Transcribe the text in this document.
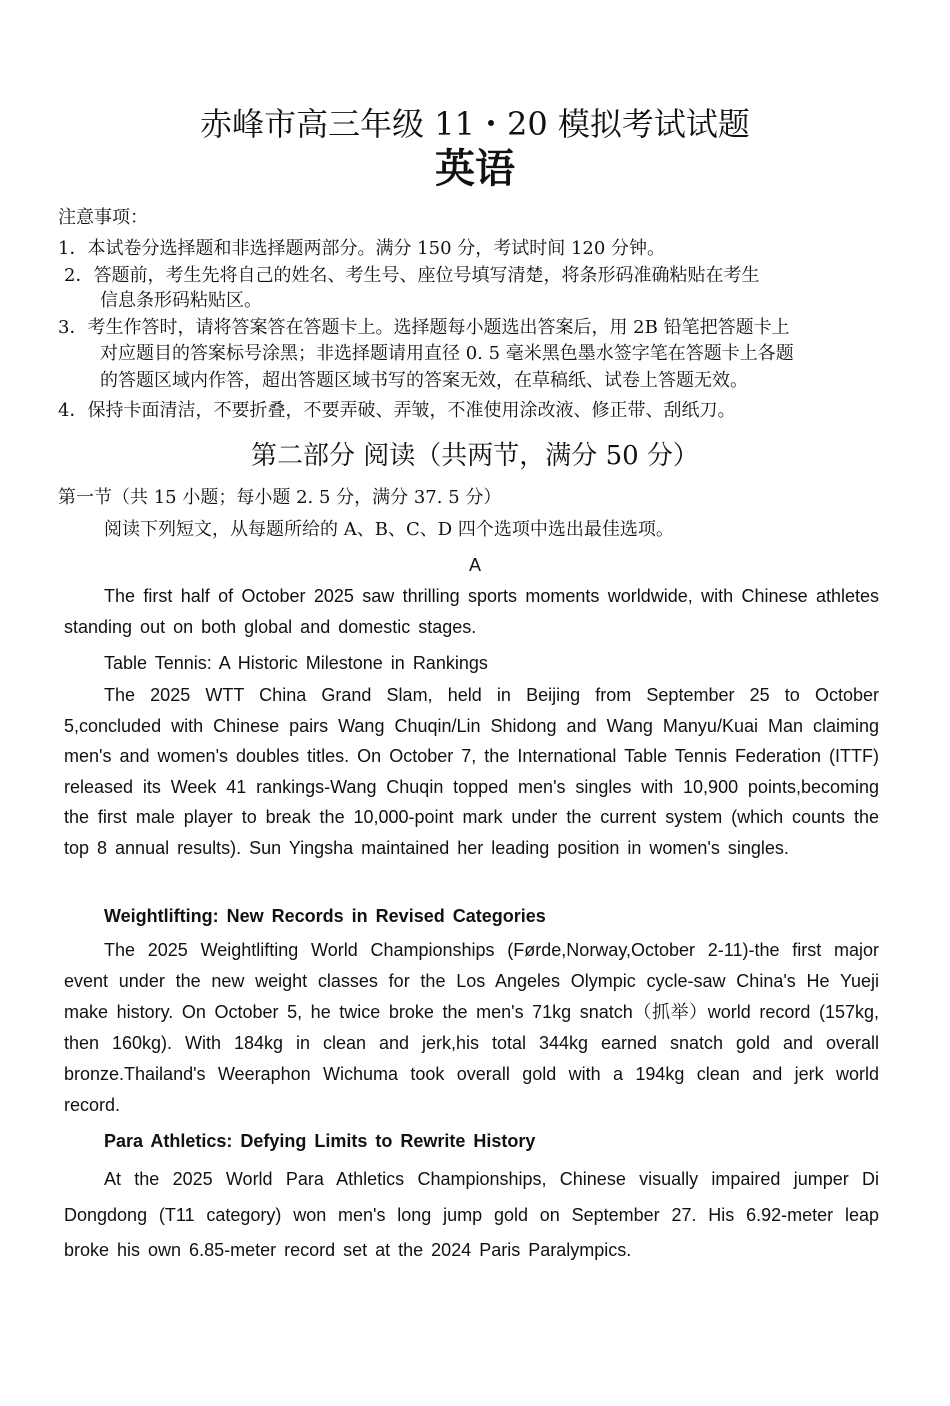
赤峰市高三年级 11・20 模拟考试试题
英语
注意事项：
1．本试卷分选择题和非选择题两部分。满分 150 分，考试时间 120 分钟。
2．答题前，考生先将自己的姓名、考生号、座位号填写清楚，将条形码准确粘贴在考生
信息条形码粘贴区。
3．考生作答时，请将答案答在答题卡上。选择题每小题选出答案后，用 2B 铅笔把答题卡上
对应题目的答案标号涂黑；非选择题请用直径 0. 5 毫米黑色墨水签字笔在答题卡上各题
的答题区域内作答，超出答题区域书写的答案无效，在草稿纸、试卷上答题无效。
4．保持卡面清洁，不要折叠，不要弄破、弄皱，不准使用涂改液、修正带、刮纸刀。
第二部分 阅读（共两节，满分 50 分）
第一节（共 15 小题；每小题 2. 5 分，满分 37. 5 分）
阅读下列短文，从每题所给的 A、B、C、D 四个选项中选出最佳选项。
A

The first half of October 2025 saw thrilling sports moments worldwide, with Chinese athletes standing out on both global and domestic stages.

Table Tennis: A Historic Milestone in Rankings

The 2025 WTT China Grand Slam, held in Beijing from September 25 to October 5,concluded with Chinese pairs Wang Chuqin/Lin Shidong and Wang Manyu/Kuai Man claiming men's and women's doubles titles. On October 7, the International Table Tennis Federation (ITTF) released its Week 41 rankings-Wang Chuqin topped men's singles with 10,900 points,becoming the first male player to break the 10,000-point mark under the current system (which counts the top 8 annual results). Sun Yingsha maintained her leading position in women's singles.

Weightlifting: New Records in Revised Categories

The 2025 Weightlifting World Championships (Førde,Norway,October 2-11)-the first major event under the new weight classes for the Los Angeles Olympic cycle-saw China's He Yueji make history. On October 5, he twice broke the men's 71kg snatch（抓举）world record (157kg, then 160kg). With 184kg in clean and jerk,his total 344kg earned snatch gold and overall bronze.Thailand's Weeraphon Wichuma took overall gold with a 194kg clean and jerk world record.

Para Athletics: Defying Limits to Rewrite History

At the 2025 World Para Athletics Championships, Chinese visually impaired jumper Di Dongdong (T11 category) won men's long jump gold on September 27. His 6.92-meter leap broke his own 6.85-meter record set at the 2024 Paris Paralympics.
